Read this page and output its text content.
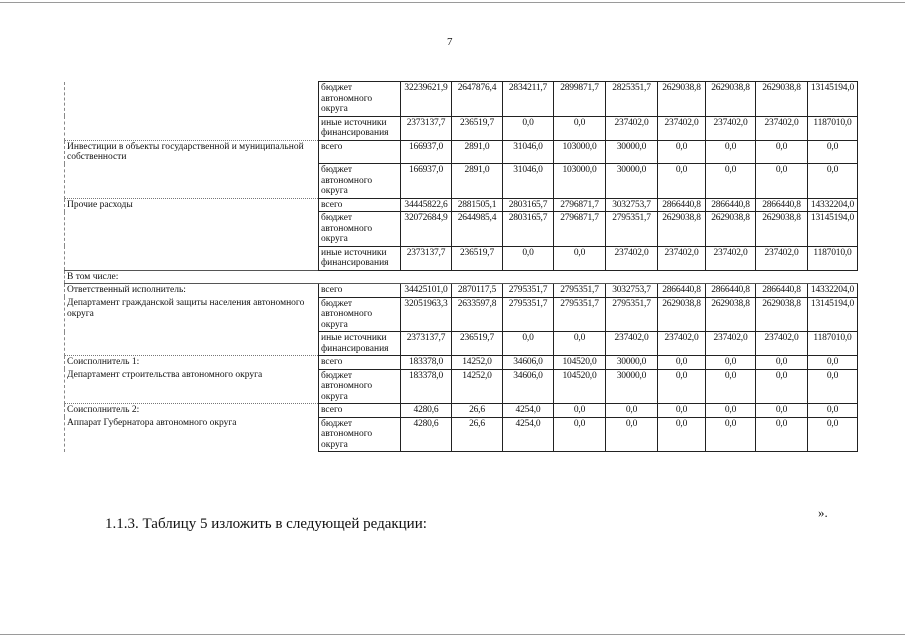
7
	бюджет автономного округа	32239621,9	2647876,4	2834211,7	2899871,7	2825351,7	2629038,8	2629038,8	2629038,8	13145194,0
	иные источники финансирования	2373137,7	236519,7	0,0	0,0	237402,0	237402,0	237402,0	237402,0	1187010,0
Инвестиции в объекты государственной и муниципальной собственности	всего	166937,0	2891,0	31046,0	103000,0	30000,0	0,0	0,0	0,0	0,0
	бюджет автономного округа	166937,0	2891,0	31046,0	103000,0	30000,0	0,0	0,0	0,0	0,0
Прочие расходы	всего	34445822,6	2881505,1	2803165,7	2796871,7	3032753,7	2866440,8	2866440,8	2866440,8	14332204,0
	бюджет автономного округа	32072684,9	2644985,4	2803165,7	2796871,7	2795351,7	2629038,8	2629038,8	2629038,8	13145194,0
	иные источники финансирования	2373137,7	236519,7	0,0	0,0	237402,0	237402,0	237402,0	237402,0	1187010,0
В том числе:										
Ответственный исполнитель:	всего	34425101,0	2870117,5	2795351,7	2795351,7	3032753,7	2866440,8	2866440,8	2866440,8	14332204,0
Департамент гражданской защиты населения автономного округа	бюджет автономного округа	32051963,3	2633597,8	2795351,7	2795351,7	2795351,7	2629038,8	2629038,8	2629038,8	13145194,0
	иные источники финансирования	2373137,7	236519,7	0,0	0,0	237402,0	237402,0	237402,0	237402,0	1187010,0
Соисполнитель 1:	всего	183378,0	14252,0	34606,0	104520,0	30000,0	0,0	0,0	0,0	0,0
Департамент строительства автономного округа	бюджет автономного округа	183378,0	14252,0	34606,0	104520,0	30000,0	0,0	0,0	0,0	0,0
Соисполнитель 2:	всего	4280,6	26,6	4254,0	0,0	0,0	0,0	0,0	0,0	0,0
Аппарат Губернатора автономного округа	бюджет автономного округа	4280,6	26,6	4254,0	0,0	0,0	0,0	0,0	0,0	0,0
».
1.1.3. Таблицу 5 изложить в следующей редакции:
